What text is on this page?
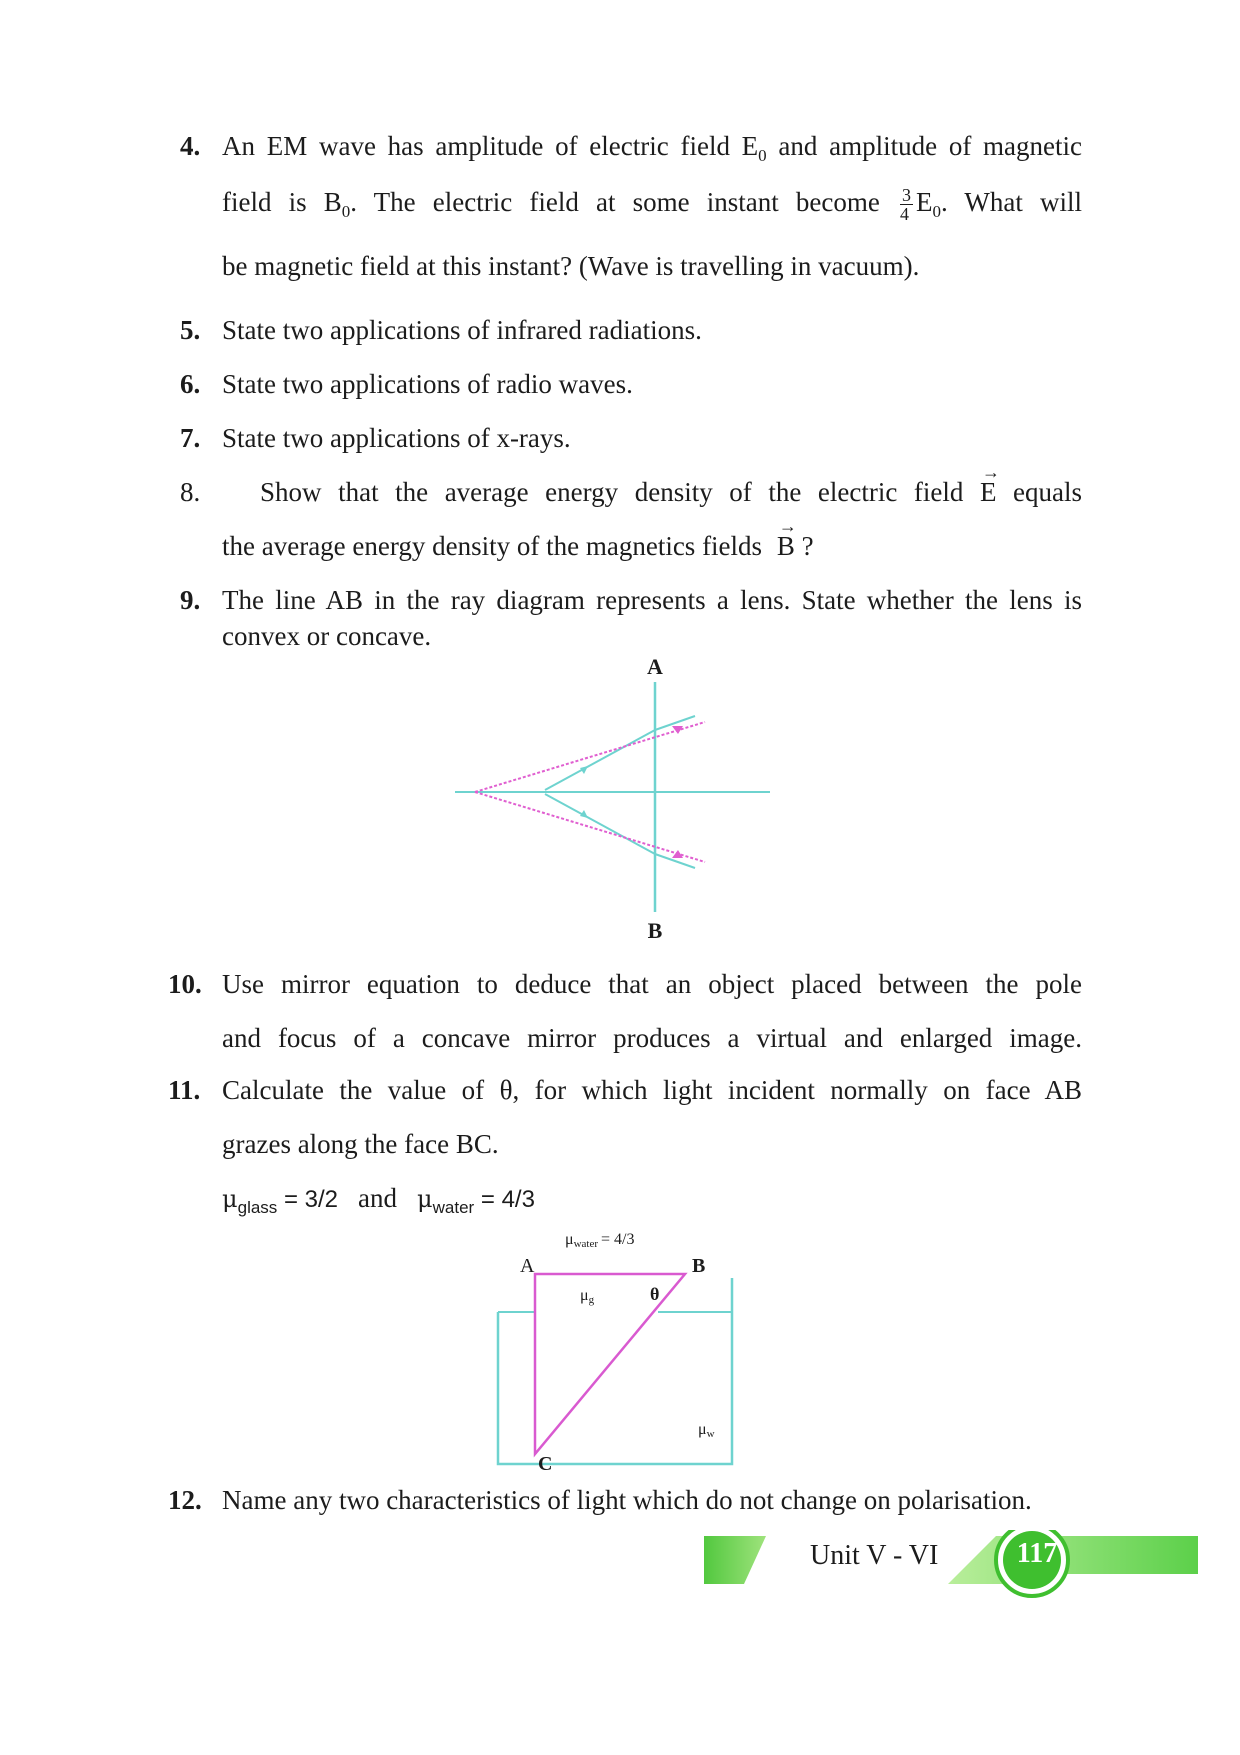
4. An EM wave has amplitude of electric field $E_0$ and amplitude of magnetic
field is $B_0$. The electric field at some instant become $\frac{3}{4} E_0$. What will
be magnetic field at this instant? (Wave is travelling in vacuum).
5. State two applications of infrared radiations.
6. State two applications of radio waves.
7. State two applications of x-rays.
8.	Show that the average energy density of the electric field → E equals
the average energy density of the magnetics fields → B ?
9. The line AB in the ray diagram represents a lens. State whether the lens is convex or concave.
A
B
10. Use mirror equation to deduce that an object placed between the pole
and focus of a concave mirror produces a virtual and enlarged image.
11. Calculate the value of θ, for which light incident normally on face AB
grazes along the face BC.
$\mu_{glass} = 3/2$ and $\mu_{water} = 4/3$
μwater = 4/3
A	B
C
μg	θ
μw
12. Name any two characteristics of light which do not change on polarisation.
Unit V - VI	117
